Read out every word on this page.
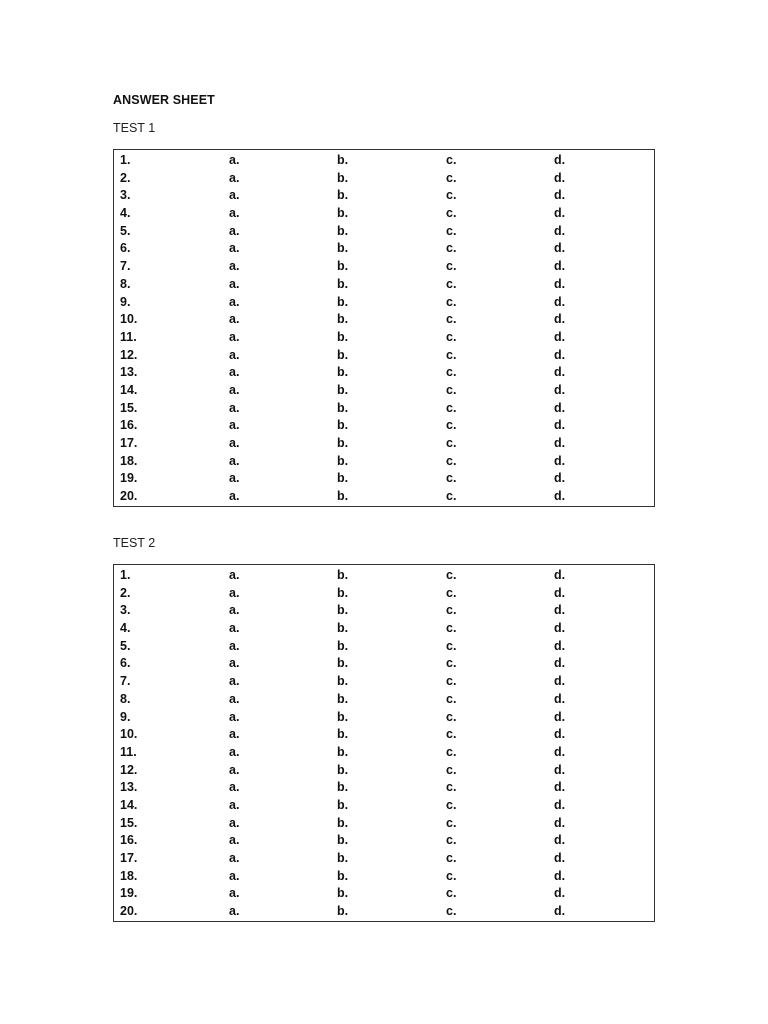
ANSWER SHEET
TEST 1
1.	a.	b.	c.	d.
2.	a.	b.	c.	d.
3.	a.	b.	c.	d.
4.	a.	b.	c.	d.
5.	a.	b.	c.	d.
6.	a.	b.	c.	d.
7.	a.	b.	c.	d.
8.	a.	b.	c.	d.
9.	a.	b.	c.	d.
10.	a.	b.	c.	d.
11.	a.	b.	c.	d.
12.	a.	b.	c.	d.
13.	a.	b.	c.	d.
14.	a.	b.	c.	d.
15.	a.	b.	c.	d.
16.	a.	b.	c.	d.
17.	a.	b.	c.	d.
18.	a.	b.	c.	d.
19.	a.	b.	c.	d.
20.	a.	b.	c.	d.
TEST 2
1.	a.	b.	c.	d.
2.	a.	b.	c.	d.
3.	a.	b.	c.	d.
4.	a.	b.	c.	d.
5.	a.	b.	c.	d.
6.	a.	b.	c.	d.
7.	a.	b.	c.	d.
8.	a.	b.	c.	d.
9.	a.	b.	c.	d.
10.	a.	b.	c.	d.
11.	a.	b.	c.	d.
12.	a.	b.	c.	d.
13.	a.	b.	c.	d.
14.	a.	b.	c.	d.
15.	a.	b.	c.	d.
16.	a.	b.	c.	d.
17.	a.	b.	c.	d.
18.	a.	b.	c.	d.
19.	a.	b.	c.	d.
20.	a.	b.	c.	d.
